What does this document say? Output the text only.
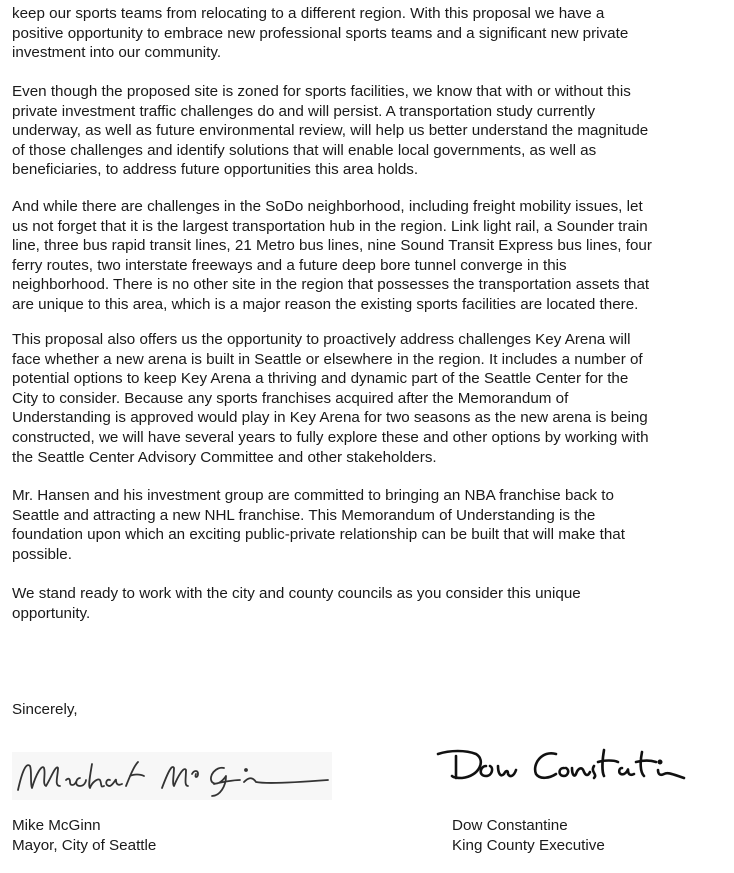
keep our sports teams from relocating to a different region. With this proposal we have a
positive opportunity to embrace new professional sports teams and a significant new private
investment into our community.
Even though the proposed site is zoned for sports facilities, we know that with or without this
private investment traffic challenges do and will persist. A transportation study currently
underway, as well as future environmental review, will help us better understand the magnitude
of those challenges and identify solutions that will enable local governments, as well as
beneficiaries, to address future opportunities this area holds.
And while there are challenges in the SoDo neighborhood, including freight mobility issues, let
us not forget that it is the largest transportation hub in the region. Link light rail, a Sounder train
line, three bus rapid transit lines, 21 Metro bus lines, nine Sound Transit Express bus lines, four
ferry routes, two interstate freeways and a future deep bore tunnel converge in this
neighborhood. There is no other site in the region that possesses the transportation assets that
are unique to this area, which is a major reason the existing sports facilities are located there.
This proposal also offers us the opportunity to proactively address challenges Key Arena will
face whether a new arena is built in Seattle or elsewhere in the region. It includes a number of
potential options to keep Key Arena a thriving and dynamic part of the Seattle Center for the
City to consider. Because any sports franchises acquired after the Memorandum of
Understanding is approved would play in Key Arena for two seasons as the new arena is being
constructed, we will have several years to fully explore these and other options by working with
the Seattle Center Advisory Committee and other stakeholders.
Mr. Hansen and his investment group are committed to bringing an NBA franchise back to
Seattle and attracting a new NHL franchise. This Memorandum of Understanding is the
foundation upon which an exciting public-private relationship can be built that will make that
possible.
We stand ready to work with the city and county councils as you consider this unique
opportunity.
Sincerely,
Mike McGinn
Mayor, City of Seattle
Dow Constantine
King County Executive
